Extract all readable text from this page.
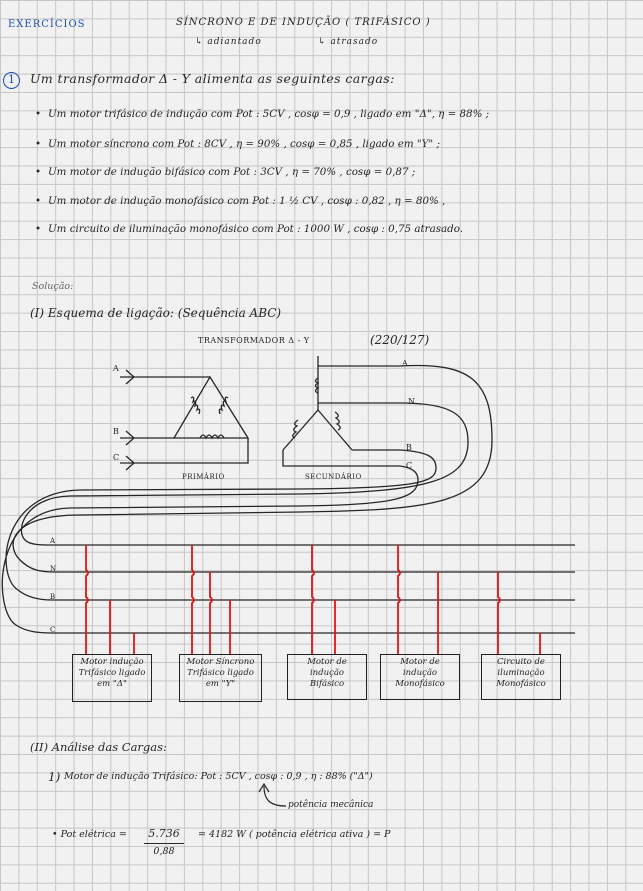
EXERCÍCIOS	SÍNCRONO E DE INDUÇÃO ( TRIFÁSICO )
↳ adiantado	↳ atrasado
1 Um transformador Δ - Y alimenta as seguintes cargas:
• Um motor trifásico de indução com Pot : 5CV , cosφ = 0,9 , ligado em "Δ", η = 88% ;
• Um motor síncrono com Pot : 8CV , η = 90% , cosφ = 0,85 , ligado em "Y" ;
• Um motor de indução bifásico com Pot : 3CV , η = 70% , cosφ = 0,87 ;
• Um motor de indução monofásico com Pot : 1 ½ CV , cosφ : 0,82 , η = 80% ,
• Um circuito de iluminação monofásico com Pot : 1000 W , cosφ : 0,75 atrasado.
Solução:
(I) Esquema de ligação: (Sequência ABC)
TRANSFORMADOR Δ - Y	(220/127)
PRIMÁRIO	SECUNDÁRIO
A
B
C
A
N
B
C
A
N
B
C
Motor indução
Trifásico ligado
em "Δ"
Motor Síncrono
Trifásico ligado
em "Y"
Motor de
indução
Bifásico
Motor de
indução
Monofásico
Circuito de
iluminação
Monofásico
(II) Análise das Cargas:
1) Motor de indução Trifásico: Pot : 5CV , cosφ : 0,9 , η : 88% ("Δ")
potência mecânica
• Pot elétrica =	5.736
0,88
= 4182 W ( potência elétrica ativa ) = P
